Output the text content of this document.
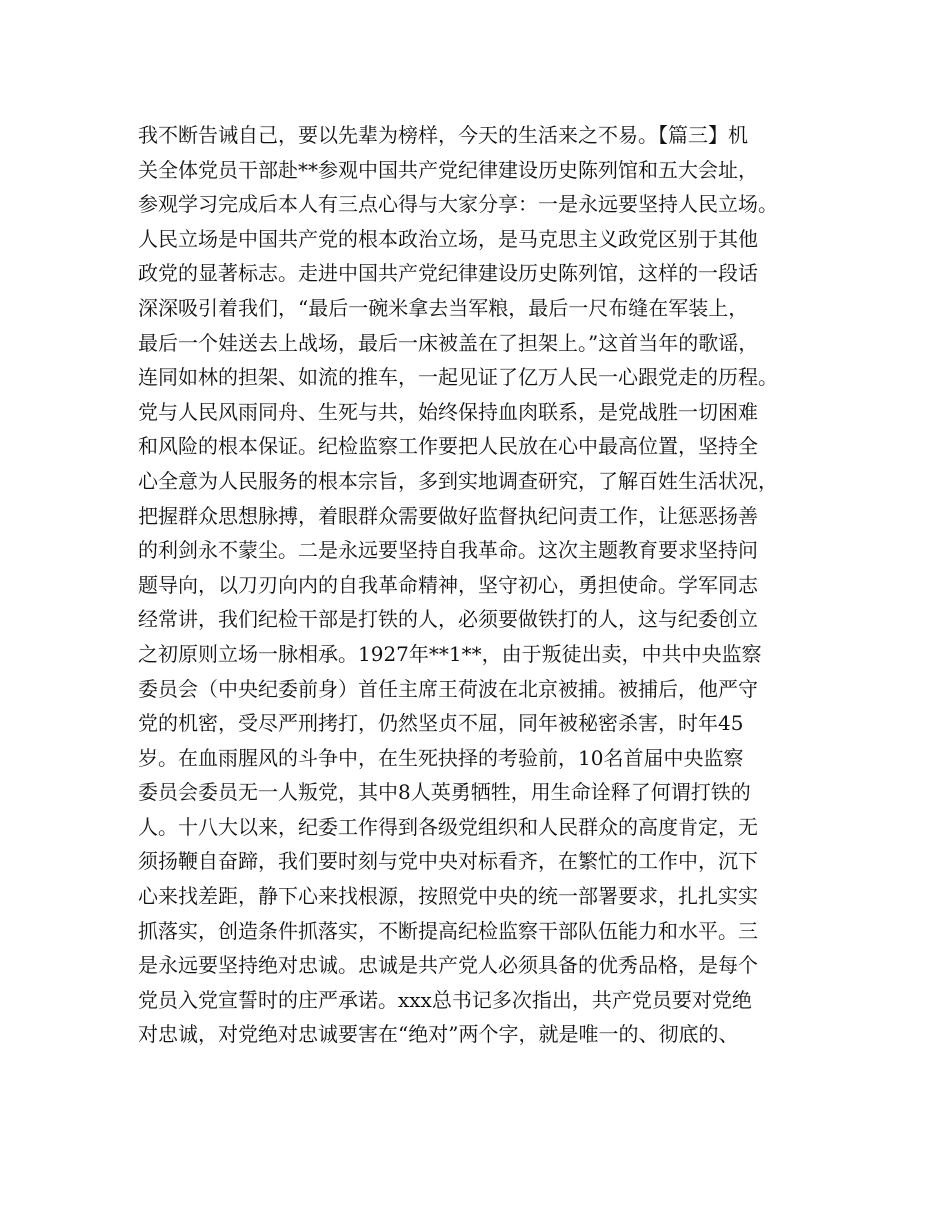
我不断告诫自己，要以先辈为榜样，今天的生活来之不易。【篇三】机
关全体党员干部赴**参观中国共产党纪律建设历史陈列馆和五大会址，
参观学习完成后本人有三点心得与大家分享：一是永远要坚持人民立场。
人民立场是中国共产党的根本政治立场，是马克思主义政党区别于其他
政党的显著标志。走进中国共产党纪律建设历史陈列馆，这样的一段话
深深吸引着我们，“最后一碗米拿去当军粮，最后一尺布缝在军装上，
最后一个娃送去上战场，最后一床被盖在了担架上。”这首当年的歌谣，
连同如林的担架、如流的推车，一起见证了亿万人民一心跟党走的历程。
党与人民风雨同舟、生死与共，始终保持血肉联系，是党战胜一切困难
和风险的根本保证。纪检监察工作要把人民放在心中最高位置，坚持全
心全意为人民服务的根本宗旨，多到实地调查研究，了解百姓生活状况，
把握群众思想脉搏，着眼群众需要做好监督执纪问责工作，让惩恶扬善
的利剑永不蒙尘。二是永远要坚持自我革命。这次主题教育要求坚持问
题导向，以刀刃向内的自我革命精神，坚守初心，勇担使命。学军同志
经常讲，我们纪检干部是打铁的人，必须要做铁打的人，这与纪委创立
之初原则立场一脉相承。1927年**1**，由于叛徒出卖，中共中央监察
委员会（中央纪委前身）首任主席王荷波在北京被捕。被捕后，他严守
党的机密，受尽严刑拷打，仍然坚贞不屈，同年被秘密杀害，时年45
岁。在血雨腥风的斗争中，在生死抉择的考验前，10名首届中央监察
委员会委员无一人叛党，其中8人英勇牺牲，用生命诠释了何谓打铁的
人。十八大以来，纪委工作得到各级党组织和人民群众的高度肯定，无
须扬鞭自奋蹄，我们要时刻与党中央对标看齐，在繁忙的工作中，沉下
心来找差距，静下心来找根源，按照党中央的统一部署要求，扎扎实实
抓落实，创造条件抓落实，不断提高纪检监察干部队伍能力和水平。三
是永远要坚持绝对忠诚。忠诚是共产党人必须具备的优秀品格，是每个
党员入党宣誓时的庄严承诺。xxx总书记多次指出，共产党员要对党绝
对忠诚，对党绝对忠诚要害在“绝对”两个字，就是唯一的、彻底的、
